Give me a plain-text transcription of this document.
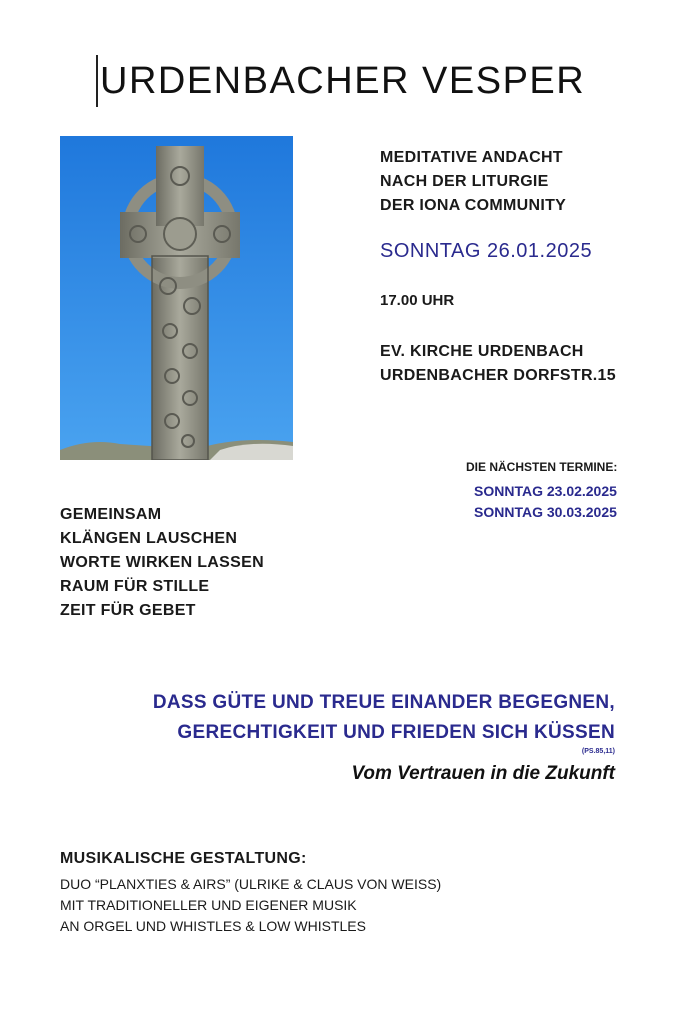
URDENBACHER VESPER
MEDITATIVE ANDACHT
NACH DER LITURGIE
DER IONA COMMUNITY
SONNTAG 26.01.2025
17.00 UHR
EV. KIRCHE URDENBACH
URDENBACHER DORFSTR.15
DIE NÄCHSTEN TERMINE:
SONNTAG 23.02.2025
SONNTAG 30.03.2025
GEMEINSAM
KLÄNGEN LAUSCHEN
WORTE WIRKEN LASSEN
RAUM FÜR STILLE
ZEIT FÜR GEBET
DASS GÜTE UND TREUE EINANDER BEGEGNEN,
GERECHTIGKEIT UND FRIEDEN SICH KÜSSEN
(PS.85,11)
Vom Vertrauen in die Zukunft
MUSIKALISCHE GESTALTUNG:
DUO “PLANXTIES & AIRS” (ULRIKE & CLAUS VON WEISS)
MIT TRADITIONELLER UND EIGENER MUSIK
AN ORGEL UND WHISTLES & LOW WHISTLES
